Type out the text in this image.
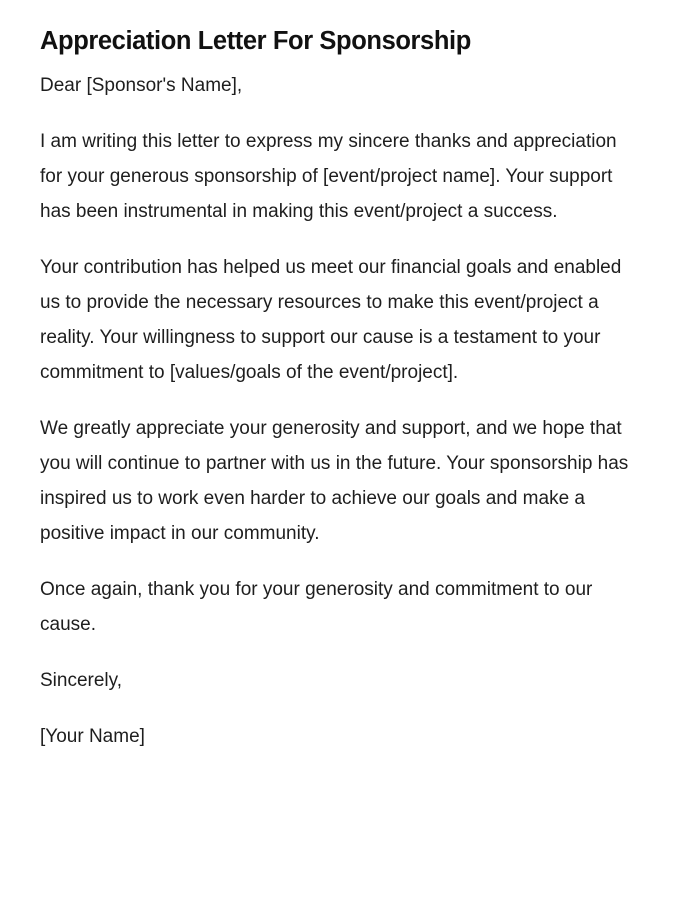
Appreciation Letter For Sponsorship

Dear [Sponsor's Name],

I am writing this letter to express my sincere thanks and appreciation for your generous sponsorship of [event/project name]. Your support has been instrumental in making this event/project a success.

Your contribution has helped us meet our financial goals and enabled us to provide the necessary resources to make this event/project a reality. Your willingness to support our cause is a testament to your commitment to [values/goals of the event/project].

We greatly appreciate your generosity and support, and we hope that you will continue to partner with us in the future. Your sponsorship has inspired us to work even harder to achieve our goals and make a positive impact in our community.

Once again, thank you for your generosity and commitment to our cause.

Sincerely,

[Your Name]
